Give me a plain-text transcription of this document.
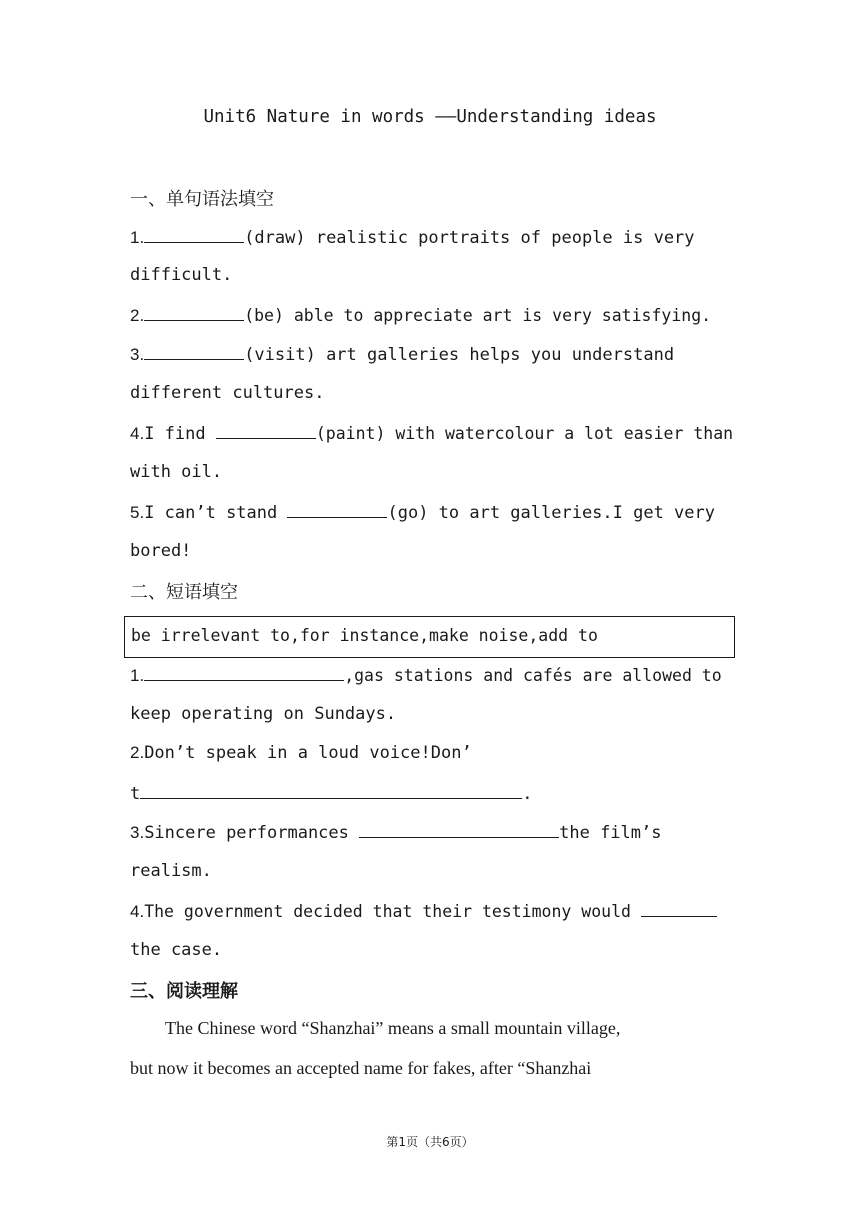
Unit6 Nature in words ——Understanding ideas
一、单句语法填空
1.	(draw) realistic portraits of people is very
difficult.
2.	(be) able to appreciate art is very satisfying.
3.	(visit) art galleries helps you understand
different cultures.
4.I find	(paint) with watercolour a lot easier than
with oil.
5.I can’t stand	(go) to art galleries.I get very
bored!
二、短语填空
be irrelevant to,for instance,make noise,add to
1.	,gas stations and cafés are allowed to
keep operating on Sundays.
2.Don’t speak in a loud voice!Don’
t	.
3.Sincere performances	the film’s
realism.
4.The government decided that their testimony would
the case.
三、阅读理解
The Chinese word “Shanzhai” means a small mountain village,
but now it becomes an accepted name for fakes, after “Shanzhai
第1页（共6页）
